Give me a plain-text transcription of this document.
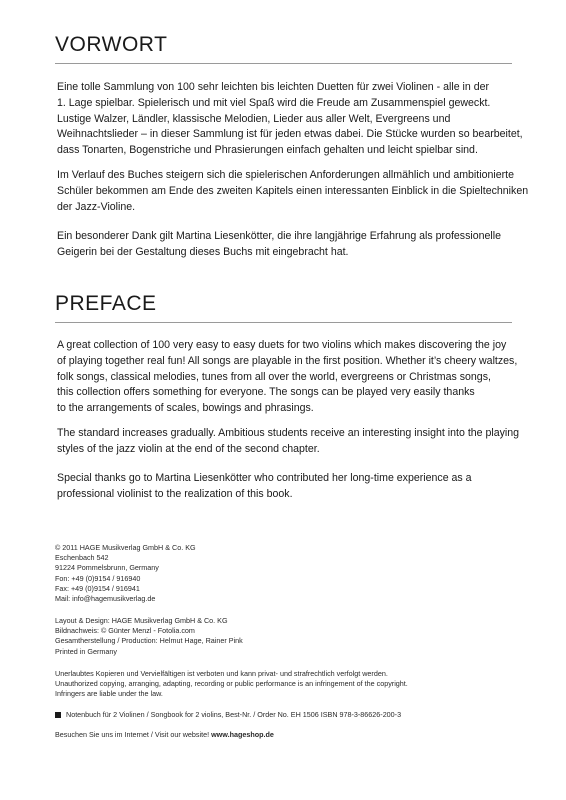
VORWORT
Eine tolle Sammlung von 100 sehr leichten bis leichten Duetten für zwei Violinen - alle in der
1. Lage spielbar. Spielerisch und mit viel Spaß wird die Freude am Zusammenspiel geweckt.
Lustige Walzer, Ländler, klassische Melodien, Lieder aus aller Welt, Evergreens und
Weihnachtslieder – in dieser Sammlung ist für jeden etwas dabei. Die Stücke wurden so bearbeitet,
dass Tonarten, Bogenstriche und Phrasierungen einfach gehalten und leicht spielbar sind.
Im Verlauf des Buches steigern sich die spielerischen Anforderungen allmählich und ambitionierte
Schüler bekommen am Ende des zweiten Kapitels einen interessanten Einblick in die Spieltechniken
der Jazz-Violine.
Ein besonderer Dank gilt Martina Liesenkötter, die ihre langjährige Erfahrung als professionelle
Geigerin bei der Gestaltung dieses Buchs mit eingebracht hat.
PREFACE
A great collection of 100 very easy to easy duets for two violins which makes discovering the joy
of playing together real fun! All songs are playable in the first position. Whether it’s cheery waltzes,
folk songs, classical melodies, tunes from all over the world, evergreens or Christmas songs,
this collection offers something for everyone. The songs can be played very easily thanks
to the arrangements of scales, bowings and phrasings.
The standard increases gradually. Ambitious students receive an interesting insight into the playing
styles of the jazz violin at the end of the second chapter.
Special thanks go to Martina Liesenkötter who contributed her long-time experience as a
professional violinist to the realization of this book.
© 2011 HAGE Musikverlag GmbH & Co. KG
Eschenbach 542
91224 Pommelsbrunn, Germany
Fon: +49 (0)9154 / 916940
Fax: +49 (0)9154 / 916941
Mail: info@hagemusikverlag.de
Layout & Design: HAGE Musikverlag GmbH & Co. KG
Bildnachweis: © Günter Menzl - Fotolia.com
Gesamtherstellung / Production: Helmut Hage, Rainer Pink
Printed in Germany
Unerlaubtes Kopieren und Vervielfältigen ist verboten und kann privat- und strafrechtlich verfolgt werden.
Unauthorized copying, arranging, adapting, recording or public performance is an infringement of the copyright.
Infringers are liable under the law.
Notenbuch für 2 Violinen / Songbook for 2 violins, Best-Nr. / Order No. EH 1506 ISBN 978-3-86626-200-3
Besuchen Sie uns im Internet / Visit our website! www.hageshop.de
